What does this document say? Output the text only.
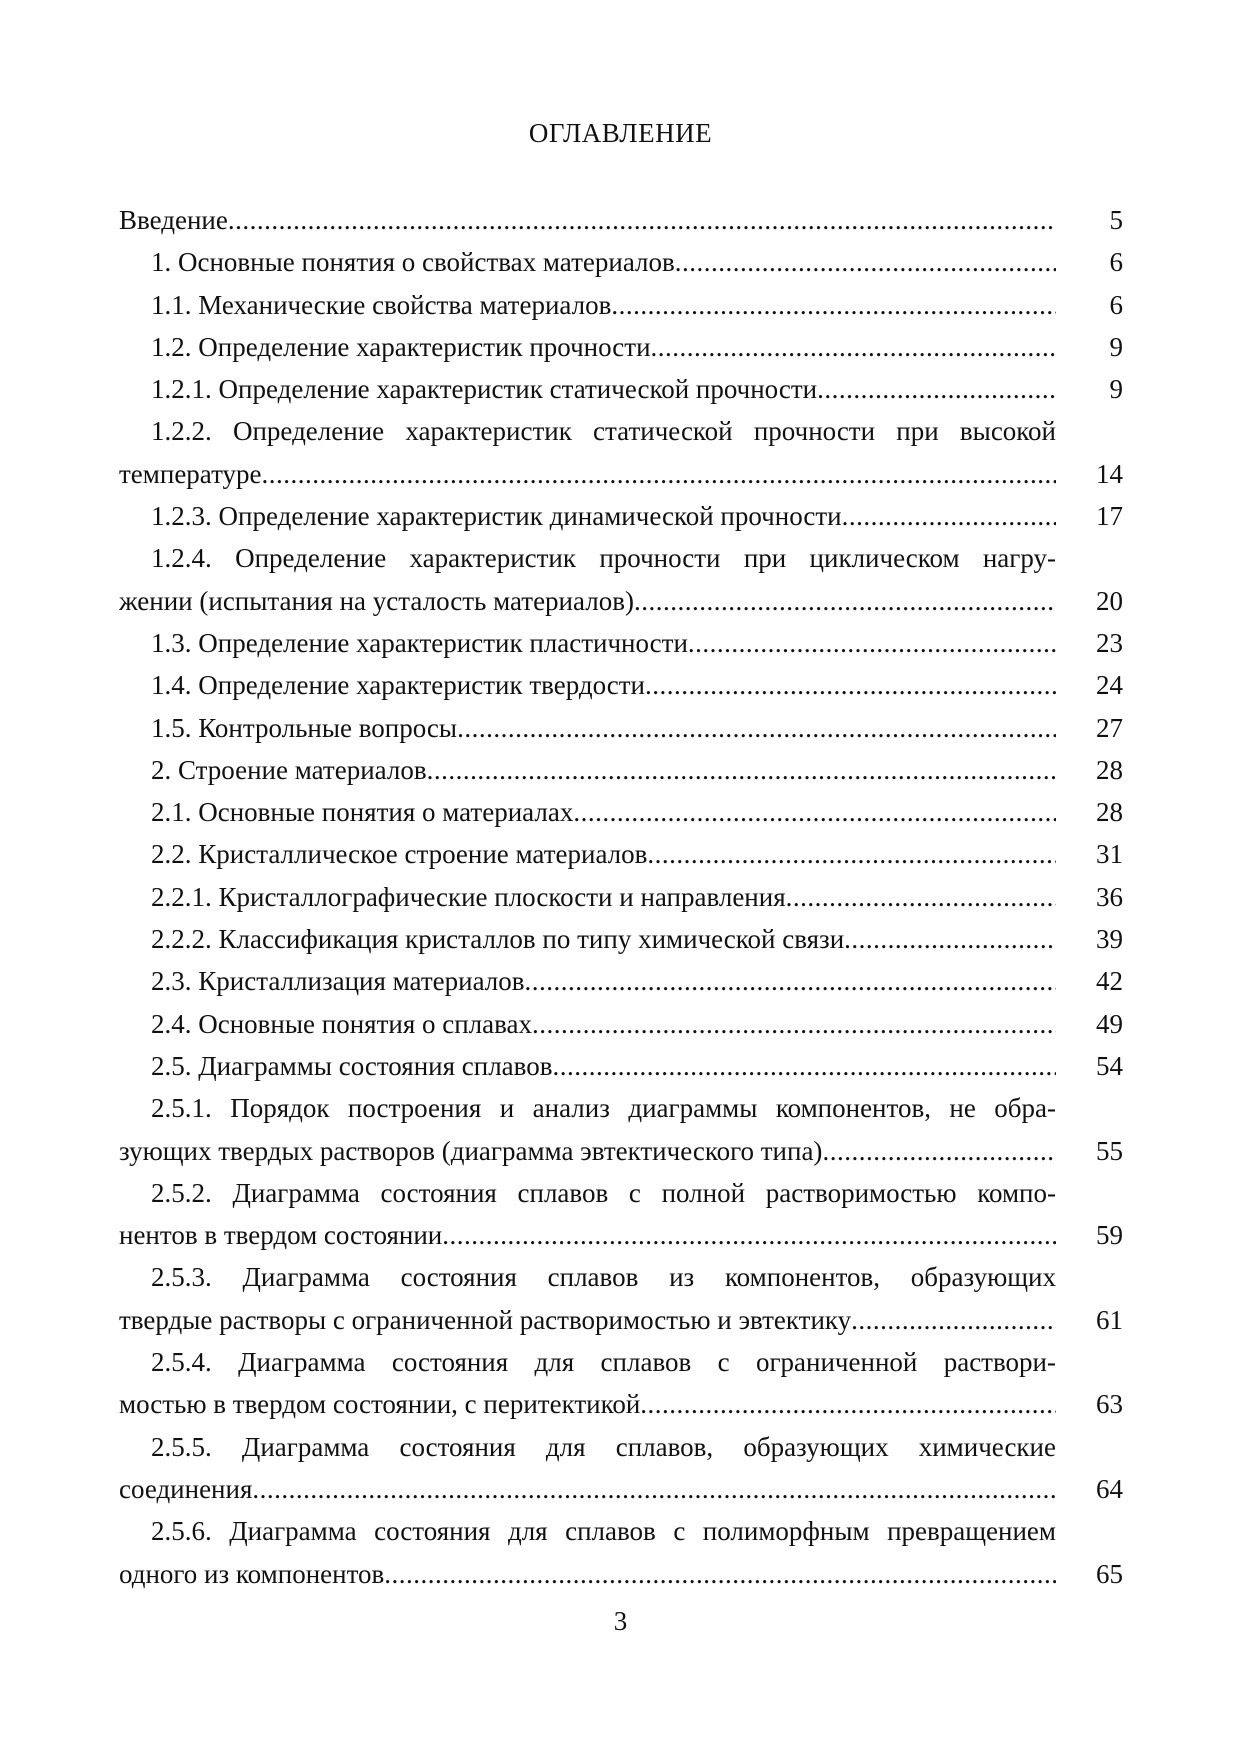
ОГЛАВЛЕНИЕ
Введение .....	5
1. Основные понятия о свойствах материалов .....	6
1.1. Механические свойства материалов .....	6
1.2. Определение характеристик прочности .....	9
1.2.1. Определение характеристик статической прочности .....	9
1.2.2. Определение характеристик статической прочности при высокой
температуре .....	14
1.2.3. Определение характеристик динамической прочности .....	17
1.2.4. Определение характеристик прочности при циклическом нагру-
жении (испытания на усталость материалов) .....	20
1.3. Определение характеристик пластичности .....	23
1.4. Определение характеристик твердости .....	24
1.5. Контрольные вопросы .....	27
2. Строение материалов .....	28
2.1. Основные понятия о материалах .....	28
2.2. Кристаллическое строение материалов .....	31
2.2.1. Кристаллографические плоскости и направления .....	36
2.2.2. Классификация кристаллов по типу химической связи .....	39
2.3. Кристаллизация материалов .....	42
2.4. Основные понятия о сплавах .....	49
2.5. Диаграммы состояния сплавов .....	54
2.5.1. Порядок построения и анализ диаграммы компонентов, не обра-
зующих твердых растворов (диаграмма эвтектического типа) .....	55
2.5.2. Диаграмма состояния сплавов с полной растворимостью компо-
нентов в твердом состоянии .....	59
2.5.3. Диаграмма состояния сплавов из компонентов, образующих
твердые растворы с ограниченной растворимостью и эвтектику .....	61
2.5.4. Диаграмма состояния для сплавов с ограниченной раствори-
мостью в твердом состоянии, с перитектикой .....	63
2.5.5. Диаграмма состояния для сплавов, образующих химические
соединения .....	64
2.5.6. Диаграмма состояния для сплавов с полиморфным превращением
одного из компонентов .....	65
3
